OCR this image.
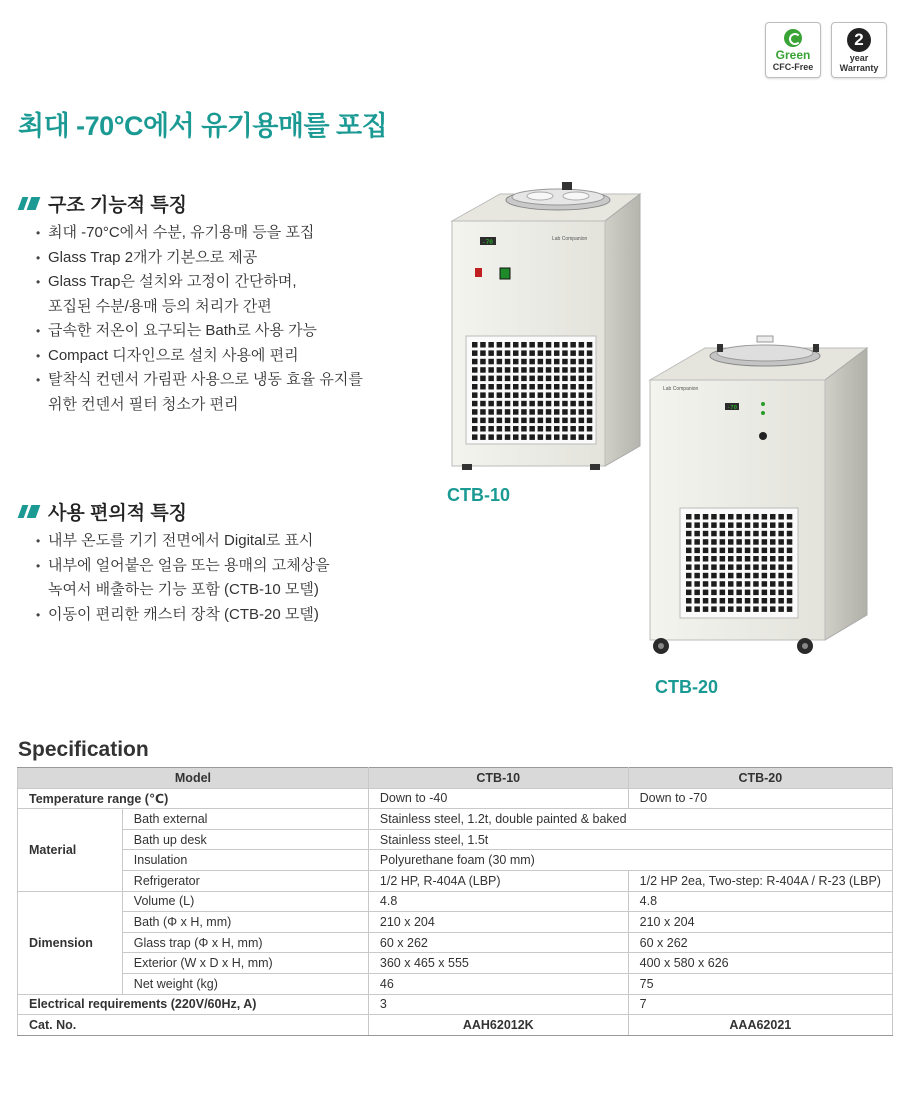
Green
CFC-Free
2
year
Warranty
최대 -70°C에서 유기용매를 포집
구조 기능적 특징
• 최대 -70°C에서 수분, 유기용매 등을 포집
• Glass Trap 2개가 기본으로 제공
• Glass Trap은 설치와 고정이 간단하며,
포집된 수분/용매 등의 처리가 간편
• 급속한 저온이 요구되는 Bath로 사용 가능
• Compact 디자인으로 설치 사용에 편리
• 탈착식 컨덴서 가림판 사용으로 냉동 효율 유지를
위한 컨덴서 필터 청소가 편리
사용 편의적 특징
• 내부 온도를 기기 전면에서 Digital로 표시
• 내부에 얼어붙은 얼음 또는 용매의 고체상을
녹여서 배출하는 기능 포함 (CTB-10 모델)
• 이동이 편리한 캐스터 장착 (CTB-20 모델)
-70	Lab Companion
CTB-10
Lab Companion
-70
CTB-20
Specification
Model		CTB-10	CTB-20
Temperature range (℃)		Down to -40	Down to -70
Material	Bath external	Stainless steel, 1.2t, double painted & baked	
	Bath up desk	Stainless steel, 1.5t	
	Insulation	Polyurethane foam (30 mm)	
	Refrigerator	1/2 HP, R-404A (LBP)	1/2 HP 2ea, Two-step: R-404A / R-23 (LBP)
Dimension	Volume (L)	4.8	4.8
	Bath (Φ x H, mm)	210 x 204	210 x 204
	Glass trap (Φ x H, mm)	60 x 262	60 x 262
	Exterior (W x D x H, mm)	360 x 465 x 555	400 x 580 x 626
	Net weight (kg)	46	75
Electrical requirements (220V/60Hz, A)		3	7
Cat. No.		AAH62012K	AAA62021
